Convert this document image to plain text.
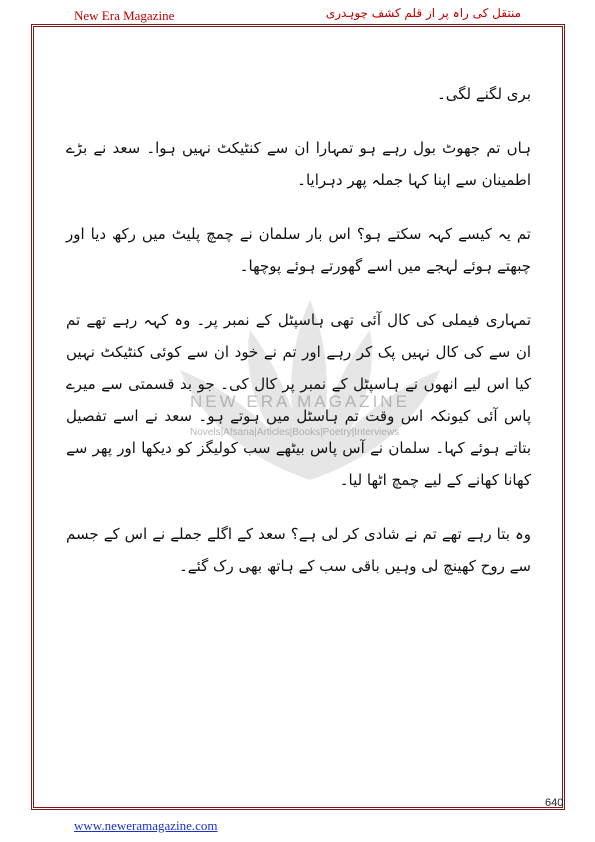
New Era Magazine	منتقل کی راہ پر از قلم کشف چوہدری
NEW ERA MAGAZINE
Novels|Afsana|Articles|Books|Poetry|Interviews

بری لگنے لگی۔

ہاں تم جھوٹ بول رہے ہو تمہارا ان سے کنٹیکٹ نہیں ہوا۔ سعد نے بڑے اطمینان سے اپنا کہا جملہ پھر دہرایا۔

تم یہ کیسے کہہ سکتے ہو؟ اس بار سلمان نے چمچ پلیٹ میں رکھ دیا اور چبھتے ہوئے لہجے میں اسے گھورتے ہوئے پوچھا۔

تمہاری فیملی کی کال آئی تھی ہاسپٹل کے نمبر پر۔ وہ کہہ رہے تھے تم ان سے کی کال نہیں پک کر رہے اور تم نے خود ان سے کوئی کنٹیکٹ نہیں کیا اس لیے انھوں نے ہاسپٹل کے نمبر پر کال کی۔ جو بد قسمتی سے میرے پاس آئی کیونکہ اس وقت تم ہاسٹل میں ہوتے ہو۔ سعد نے اسے تفصیل بتاتے ہوئے کہا۔ سلمان نے آس پاس بیٹھے سب کولیگز کو دیکھا اور پھر سے کھانا کھانے کے لیے چمچ اٹھا لیا۔

وہ بتا رہے تھے تم نے شادی کر لی ہے؟ سعد کے اگلے جملے نے اس کے جسم سے روح کھینچ لی وہیں باقی سب کے ہاتھ بھی رک گئے۔

640
www.neweramagazine.com
